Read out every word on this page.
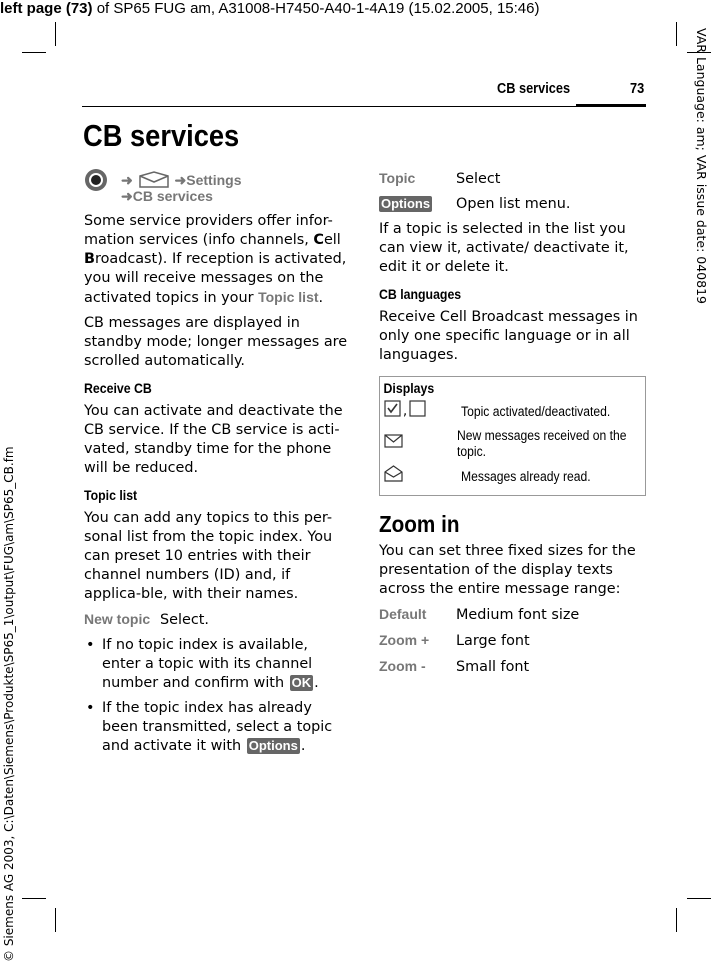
left page (73) of SP65 FUG am, A31008-H7450-A40-1-4A19 (15.02.2005, 15:46)
VAR Language: am; VAR issue date: 040819
© Siemens AG 2003, C:\Daten\Siemens\Produkte\SP65_1\output\FUG\am\SP65_CB.fm
CB services	73
CB services
➜	➜Settings
➜CB services

Some service providers offer infor-mation services (info channels, Cell Broadcast). If reception is activated, you will receive messages on the activated topics in your Topic list.

CB messages are displayed in standby mode; longer messages are scrolled automatically.

Receive CB

You can activate and deactivate the CB service. If the CB service is acti-vated, standby time for the phone will be reduced.

Topic list

You can add any topics to this per-sonal list from the topic index. You can preset 10 entries with their channel numbers (ID) and, if applica-ble, with their names.

New topic Select.

• If no topic index is available, enter a topic with its channel number and confirm with OK .

• If the topic index has already been transmitted, select a topic and activate it with Options .

Topic	Select

Options Open list menu.

If a topic is selected in the list you can view it, activate/ deactivate it, edit it or delete it.

CB languages

Receive Cell Broadcast messages in only one specific language or in all languages.

Displays
,	Topic activated/deactivated.
New messages received on the topic.
Messages already read.

Zoom in

You can set three fixed sizes for the presentation of the display texts across the entire message range:

Default Medium font size

Zoom + Large font

Zoom - Small font
